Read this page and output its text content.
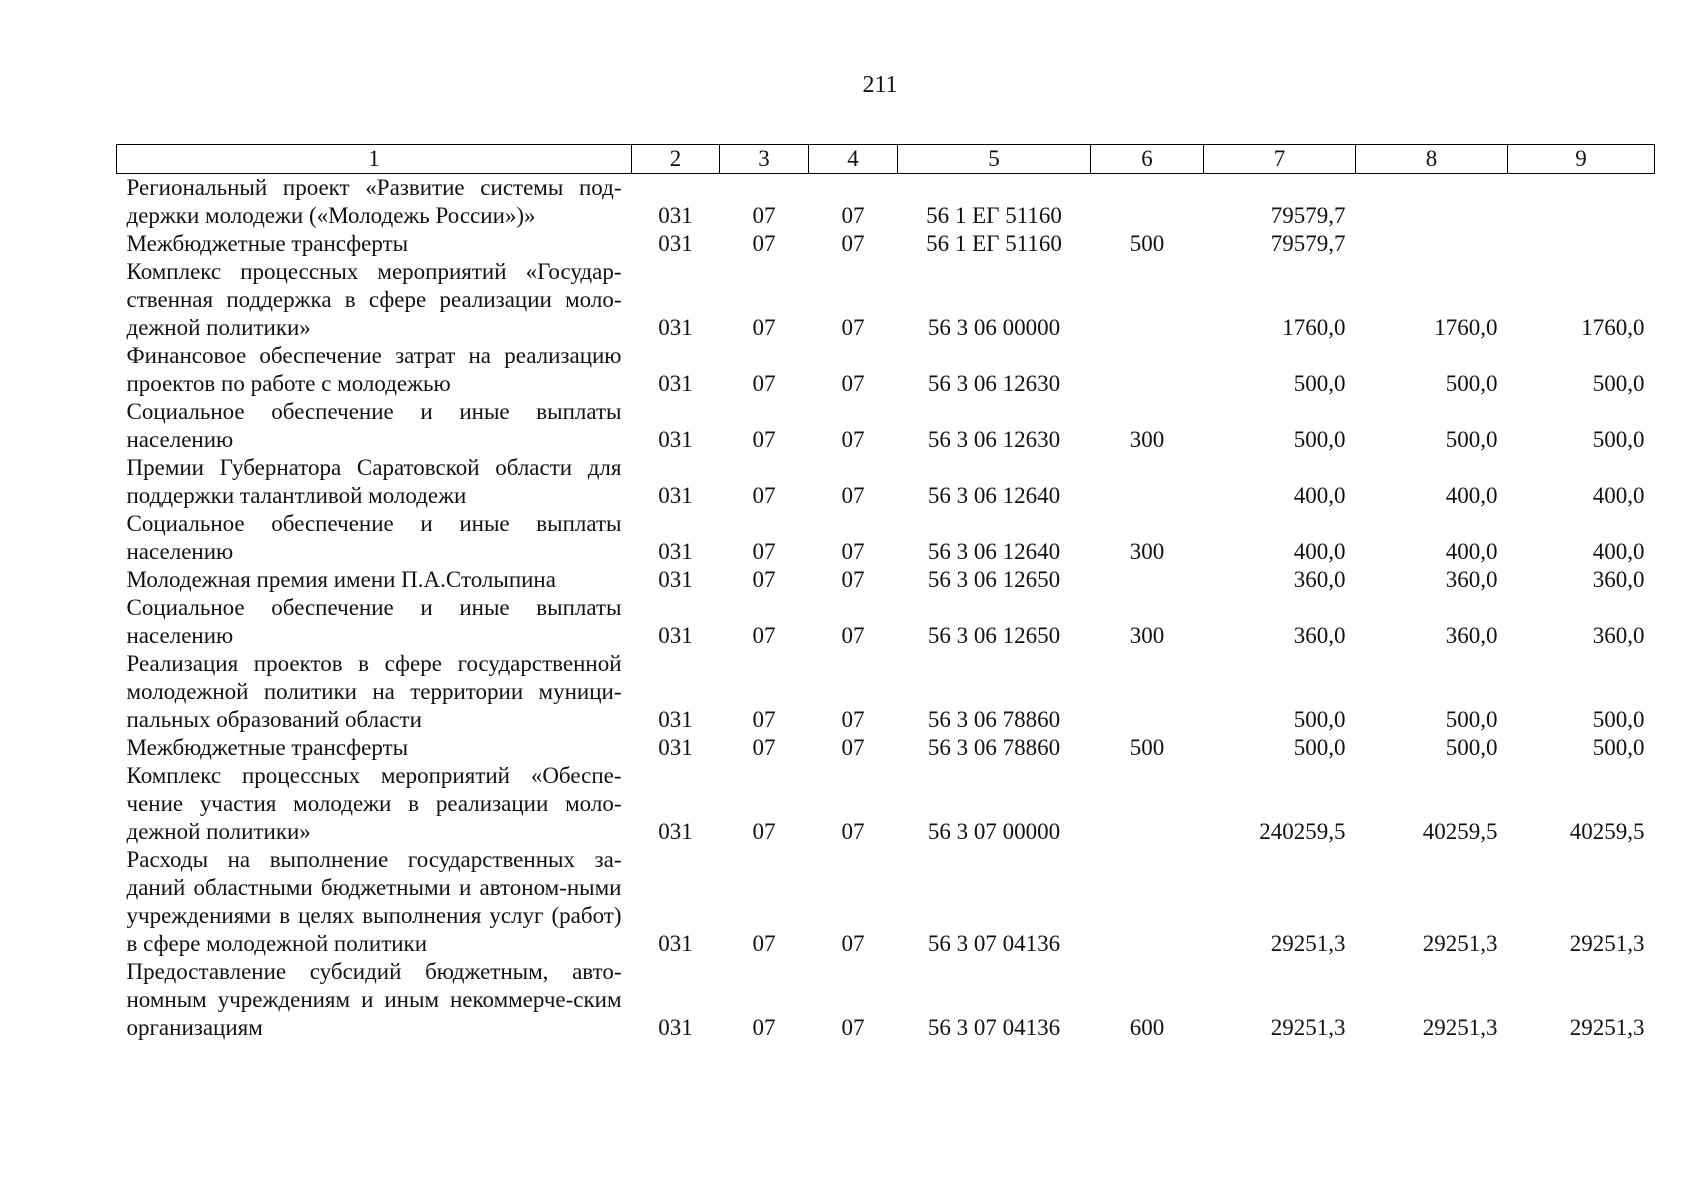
211
1	2	3	4	5	6	7	8	9
Региональный проект «Развитие системы под-держки молодежи («Молодежь России»)»	031	07	07	56 1 ЕГ 51160		79579,7		
Межбюджетные трансферты	031	07	07	56 1 ЕГ 51160	500	79579,7		
Комплекс процессных мероприятий «Государ-ственная поддержка в сфере реализации моло-дежной политики»	031	07	07	56 3 06 00000		1760,0	1760,0	1760,0
Финансовое обеспечение затрат на реализацию проектов по работе с молодежью	031	07	07	56 3 06 12630		500,0	500,0	500,0
Социальное обеспечение и иные выплаты населению	031	07	07	56 3 06 12630	300	500,0	500,0	500,0
Премии Губернатора Саратовской области для поддержки талантливой молодежи	031	07	07	56 3 06 12640		400,0	400,0	400,0
Социальное обеспечение и иные выплаты населению	031	07	07	56 3 06 12640	300	400,0	400,0	400,0
Молодежная премия имени П.А.Столыпина	031	07	07	56 3 06 12650		360,0	360,0	360,0
Социальное обеспечение и иные выплаты населению	031	07	07	56 3 06 12650	300	360,0	360,0	360,0
Реализация проектов в сфере государственной молодежной политики на территории муници-пальных образований области	031	07	07	56 3 06 78860		500,0	500,0	500,0
Межбюджетные трансферты	031	07	07	56 3 06 78860	500	500,0	500,0	500,0
Комплекс процессных мероприятий «Обеспе-чение участия молодежи в реализации моло-дежной политики»	031	07	07	56 3 07 00000		240259,5	40259,5	40259,5
Расходы на выполнение государственных за-даний областными бюджетными и автоном-ными учреждениями в целях выполнения услуг (работ) в сфере молодежной политики	031	07	07	56 3 07 04136		29251,3	29251,3	29251,3
Предоставление субсидий бюджетным, авто-номным учреждениям и иным некоммерче-ским организациям	031	07	07	56 3 07 04136	600	29251,3	29251,3	29251,3
